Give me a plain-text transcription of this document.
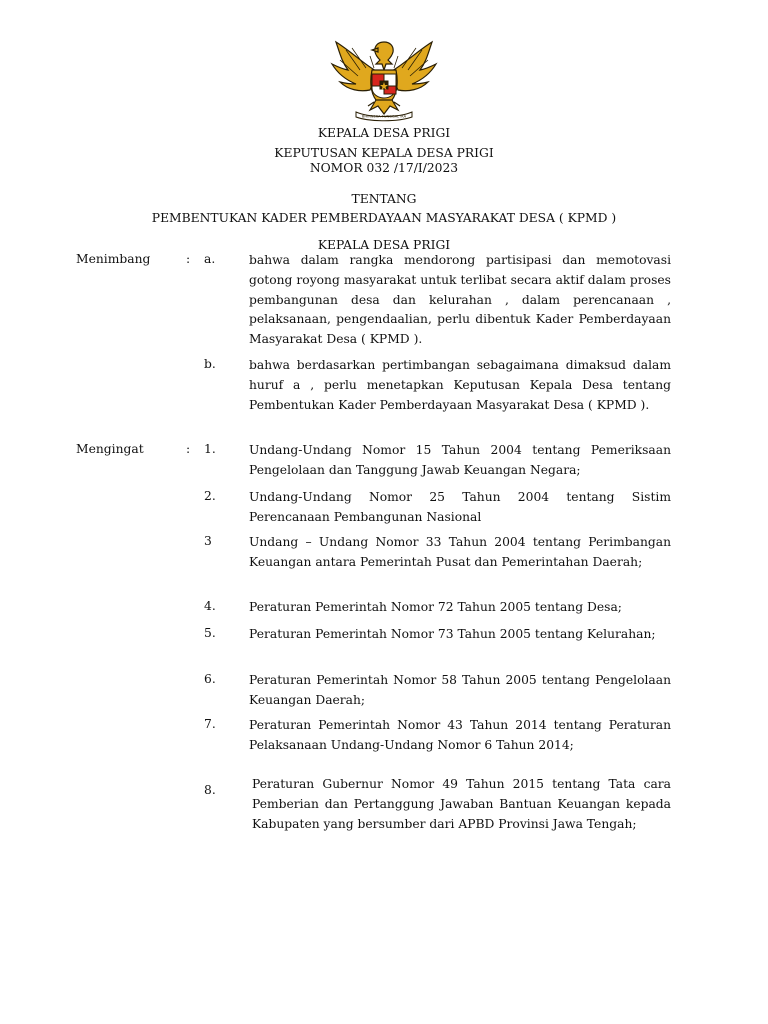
BHINNEKA TUNGGAL IKA
KEPALA DESA PRIGI
KEPUTUSAN KEPALA DESA PRIGI
NOMOR 032 /17/I/2023
TENTANG
PEMBENTUKAN KADER PEMBERDAYAAN MASYARAKAT DESA ( KPMD )
KEPALA DESA PRIGI
Menimbang	: a.	bahwa dalam rangka mendorong partisipasi dan memotovasi gotong royong masyarakat untuk terlibat secara aktif dalam proses pembangunan desa dan kelurahan , dalam perencanaan , pelaksanaan, pengendaalian, perlu dibentuk Kader Pemberdayaan Masyarakat Desa ( KPMD ).
b.	bahwa berdasarkan pertimbangan sebagaimana dimaksud dalam huruf a , perlu menetapkan Keputusan Kepala Desa tentang Pembentukan Kader Pemberdayaan Masyarakat Desa ( KPMD ).
Mengingat	: 1.	Undang-Undang Nomor 15 Tahun 2004 tentang Pemeriksaan Pengelolaan dan Tanggung Jawab Keuangan Negara;
2.	Undang-Undang Nomor 25 Tahun 2004 tentang Sistim Perencanaan Pembangunan Nasional
3	Undang – Undang Nomor 33 Tahun 2004 tentang Perimbangan Keuangan antara Pemerintah Pusat dan Pemerintahan Daerah;
4.	Peraturan Pemerintah Nomor 72 Tahun 2005 tentang Desa;
5.	Peraturan Pemerintah Nomor 73 Tahun 2005 tentang Kelurahan;
6.	Peraturan Pemerintah Nomor 58 Tahun 2005 tentang Pengelolaan Keuangan Daerah;
7.	Peraturan Pemerintah Nomor 43 Tahun 2014 tentang Peraturan Pelaksanaan Undang-Undang Nomor 6 Tahun 2014;
8.	Peraturan Gubernur Nomor 49 Tahun 2015 tentang Tata cara Pemberian dan Pertanggung Jawaban Bantuan Keuangan kepada Kabupaten yang bersumber dari APBD Provinsi Jawa Tengah;
